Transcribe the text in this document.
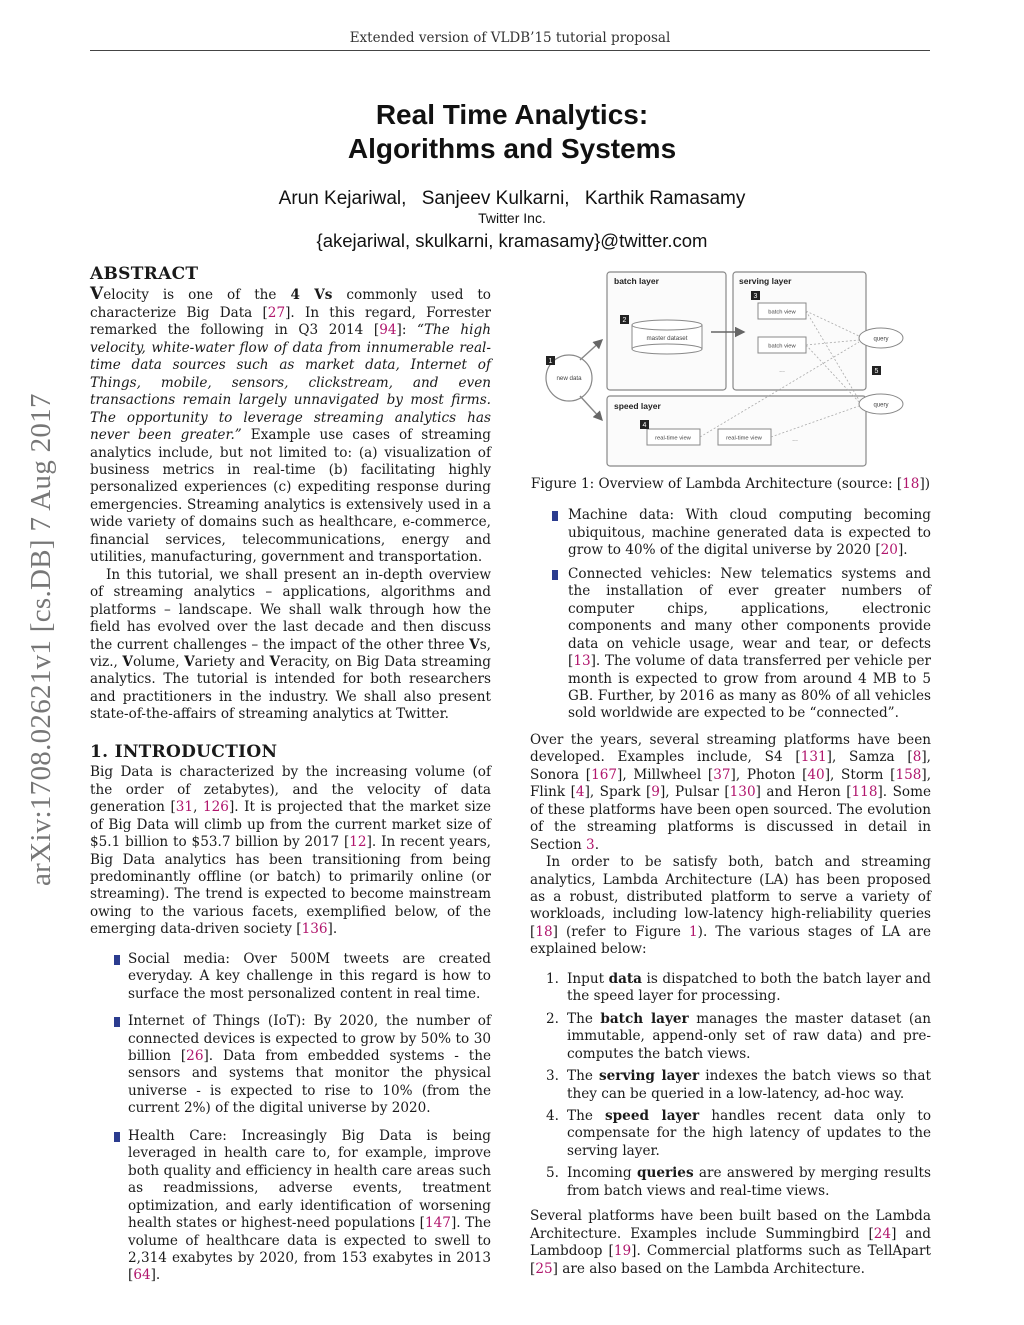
Extended version of VLDB’15 tutorial proposal
arXiv:1708.02621v1 [cs.DB] 7 Aug 2017
Real Time Analytics:
Algorithms and Systems
Arun Kejariwal, Sanjeev Kulkarni, Karthik Ramasamy
Twitter Inc.
{akejariwal, skulkarni, kramasamy}@twitter.com
ABSTRACT

Velocity is one of the 4 Vs commonly used to characterize Big Data [27]. In this regard, Forrester remarked the following in Q3 2014 [94]: “The high velocity, white-water flow of data from innumerable real-time data sources such as market data, Internet of Things, mobile, sensors, clickstream, and even transactions remain largely unnavigated by most firms. The opportunity to leverage streaming analytics has never been greater.” Example use cases of streaming analytics include, but not limited to: (a) visualization of business metrics in real-time (b) facilitating highly personalized experiences (c) expediting response during emergencies. Streaming analytics is extensively used in a wide variety of domains such as healthcare, e-commerce, financial services, telecommunications, energy and utilities, manufacturing, government and transportation.

In this tutorial, we shall present an in-depth overview of streaming analytics – applications, algorithms and platforms – landscape. We shall walk through how the field has evolved over the last decade and then discuss the current challenges – the impact of the other three Vs, viz., Volume, Variety and Veracity, on Big Data streaming analytics. The tutorial is intended for both researchers and practitioners in the industry. We shall also present state-of-the-affairs of streaming analytics at Twitter.

1. INTRODUCTION

Big Data is characterized by the increasing volume (of the order of zetabytes), and the velocity of data generation [31, 126]. It is projected that the market size of Big Data will climb up from the current market size of $5.1 billion to $53.7 billion by 2017 [12]. In recent years, Big Data analytics has been transitioning from being predominantly offline (or batch) to primarily online (or streaming). The trend is expected to become mainstream owing to the various facets, exemplified below, of the emerging data-driven society [136].

Social media: Over 500M tweets are created everyday. A key challenge in this regard is how to surface the most personalized content in real time.
Internet of Things (IoT): By 2020, the number of connected devices is expected to grow by 50% to 30 billion [26]. Data from embedded systems - the sensors and systems that monitor the physical universe - is expected to rise to 10% (from the current 2%) of the digital universe by 2020.
Health Care: Increasingly Big Data is being leveraged in health care to, for example, improve both quality and efficiency in health care areas such as readmissions, adverse events, treatment optimization, and early identification of worsening health states or highest-need populations [147]. The volume of healthcare data is expected to swell to 2,314 exabytes by 2020, from 153 exabytes in 2013 [64].
batch layer	serving layer
speed layer
master dataset
batch view
batch view
...
real-time view	real-time view	...
new data
query
query
1
2
3
4
5
Figure 1: Overview of Lambda Architecture (source: [18])
Machine data: With cloud computing becoming ubiquitous, machine generated data is expected to grow to 40% of the digital universe by 2020 [20].
Connected vehicles: New telematics systems and the installation of ever greater numbers of computer chips, applications, electronic components and many other components provide data on vehicle usage, wear and tear, or defects [13]. The volume of data transferred per vehicle per month is expected to grow from around 4 MB to 5 GB. Further, by 2016 as many as 80% of all vehicles sold worldwide are expected to be “connected”.

Over the years, several streaming platforms have been developed. Examples include, S4 [131], Samza [8], Sonora [167], Millwheel [37], Photon [40], Storm [158], Flink [4], Spark [9], Pulsar [130] and Heron [118]. Some of these platforms have been open sourced. The evolution of the streaming platforms is discussed in detail in Section 3.

In order to be satisfy both, batch and streaming analytics, Lambda Architecture (LA) has been proposed as a robust, distributed platform to serve a variety of workloads, including low-latency high-reliability queries [18] (refer to Figure 1). The various stages of LA are explained below:

1. Input data is dispatched to both the batch layer and the speed layer for processing.
2. The batch layer manages the master dataset (an immutable, append-only set of raw data) and pre-computes the batch views.
3. The serving layer indexes the batch views so that they can be queried in a low-latency, ad-hoc way.
4. The speed layer handles recent data only to compensate for the high latency of updates to the serving layer.
5. Incoming queries are answered by merging results from batch views and real-time views.

Several platforms have been built based on the Lambda Architecture. Examples include Summingbird [24] and Lambdoop [19]. Commercial platforms such as TellApart [25] are also based on the Lambda Architecture.
